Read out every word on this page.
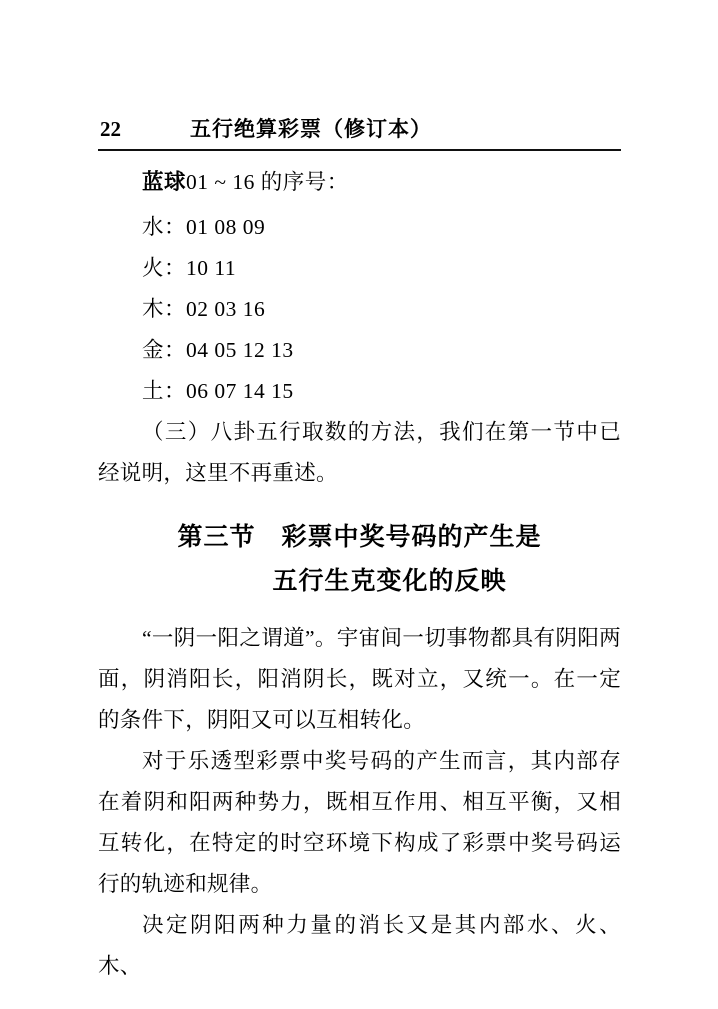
22	五行绝算彩票（修订本）
蓝球01 ~ 16 的序号：
水：01 08 09
火：10 11
木：02 03 16
金：04 05 12 13
土：06 07 14 15
（三）八卦五行取数的方法，我们在第一节中已经说明，这里不再重述。
第三节　彩票中奖号码的产生是
五行生克变化的反映
“一阴一阳之谓道”。宇宙间一切事物都具有阴阳两面，阴消阳长，阳消阴长，既对立，又统一。在一定的条件下，阴阳又可以互相转化。
对于乐透型彩票中奖号码的产生而言，其内部存在着阴和阳两种势力，既相互作用、相互平衡，又相互转化，在特定的时空环境下构成了彩票中奖号码运行的轨迹和规律。
决定阴阳两种力量的消长又是其内部水、火、木、
